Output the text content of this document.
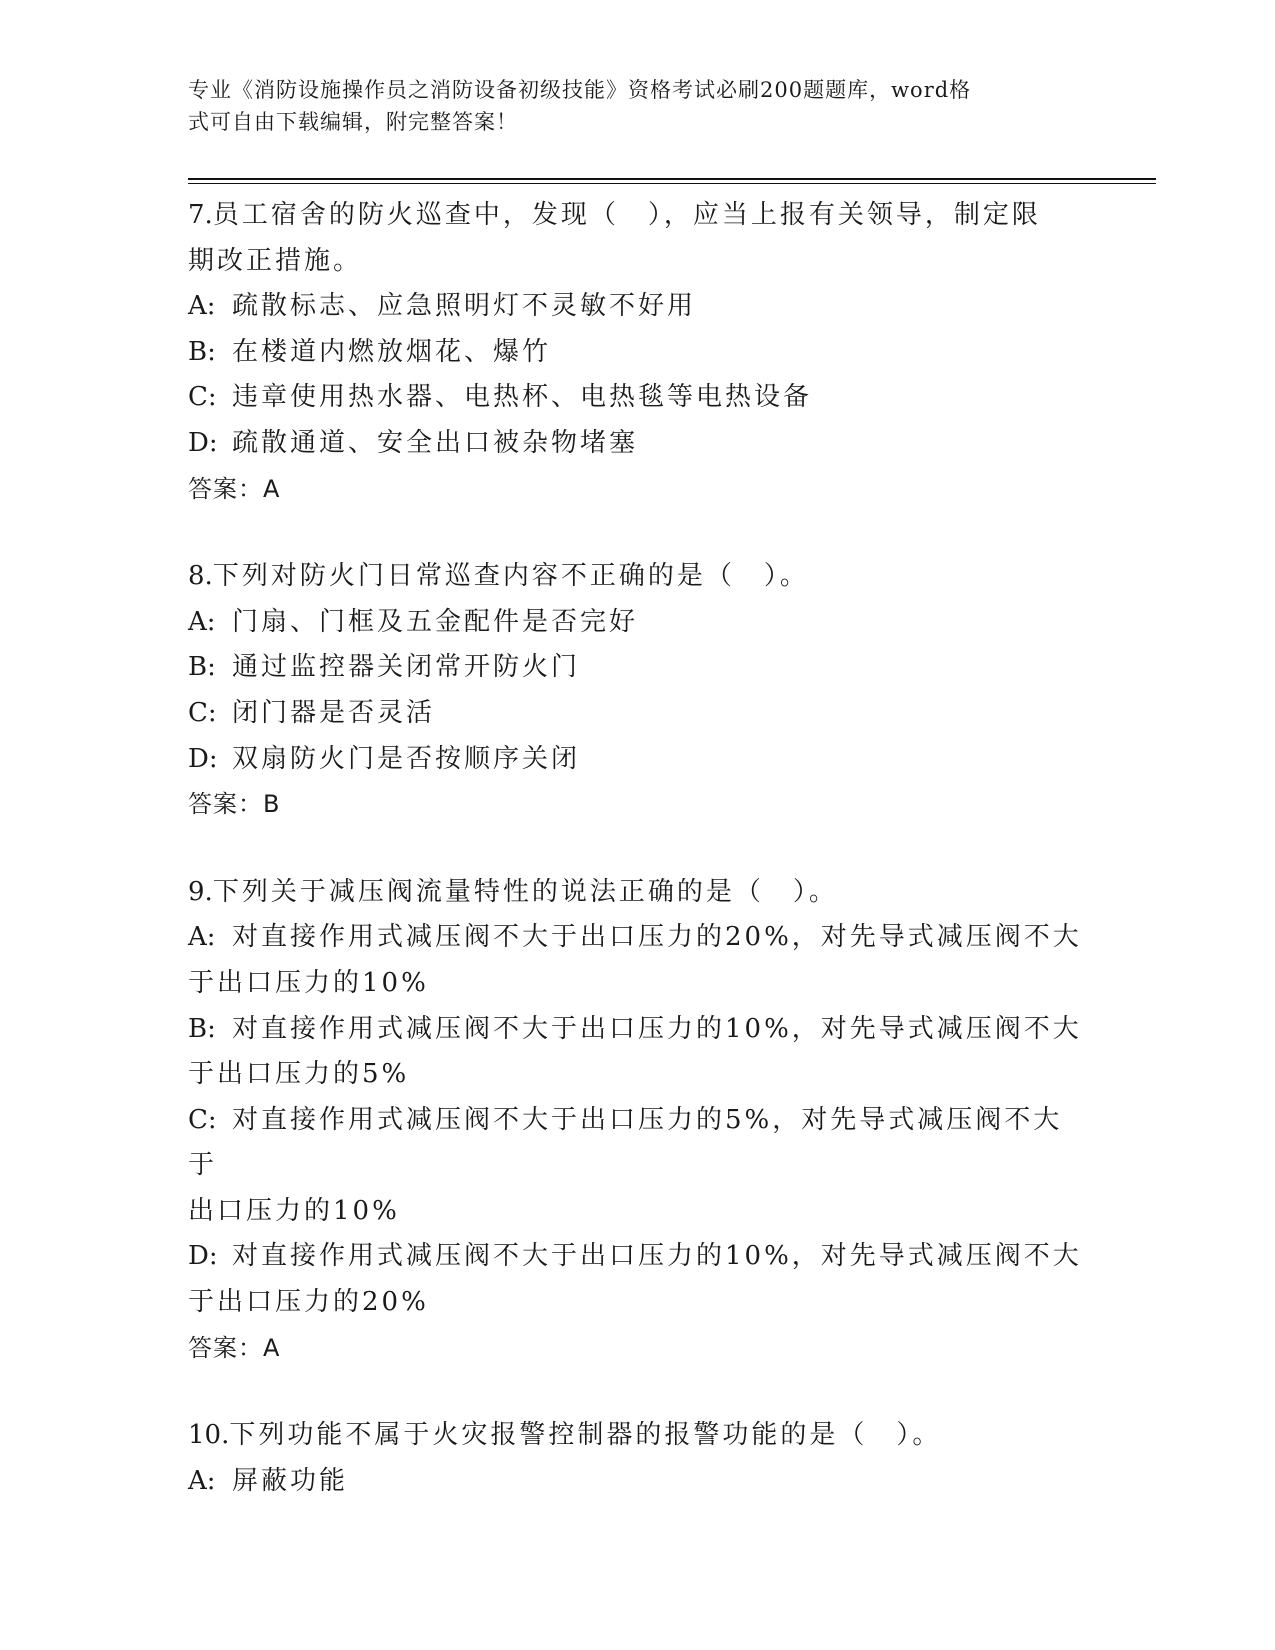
专业《消防设施操作员之消防设备初级技能》资格考试必刷200题题库，word格
式可自由下载编辑，附完整答案！
7.员工宿舍的防火巡查中，发现（　），应当上报有关领导，制定限
期改正措施。
A: 疏散标志、应急照明灯不灵敏不好用
B: 在楼道内燃放烟花、爆竹
C: 违章使用热水器、电热杯、电热毯等电热设备
D: 疏散通道、安全出口被杂物堵塞
答案：A
8.下列对防火门日常巡查内容不正确的是（　）。
A: 门扇、门框及五金配件是否完好
B: 通过监控器关闭常开防火门
C: 闭门器是否灵活
D: 双扇防火门是否按顺序关闭
答案：B
9.下列关于减压阀流量特性的说法正确的是（　）。
A: 对直接作用式减压阀不大于出口压力的20%，对先导式减压阀不大
于出口压力的10%
B: 对直接作用式减压阀不大于出口压力的10%，对先导式减压阀不大
于出口压力的5%
C: 对直接作用式减压阀不大于出口压力的5%，对先导式减压阀不大于
出口压力的10%
D: 对直接作用式减压阀不大于出口压力的10%，对先导式减压阀不大
于出口压力的20%
答案：A
10.下列功能不属于火灾报警控制器的报警功能的是（　）。
A: 屏蔽功能
